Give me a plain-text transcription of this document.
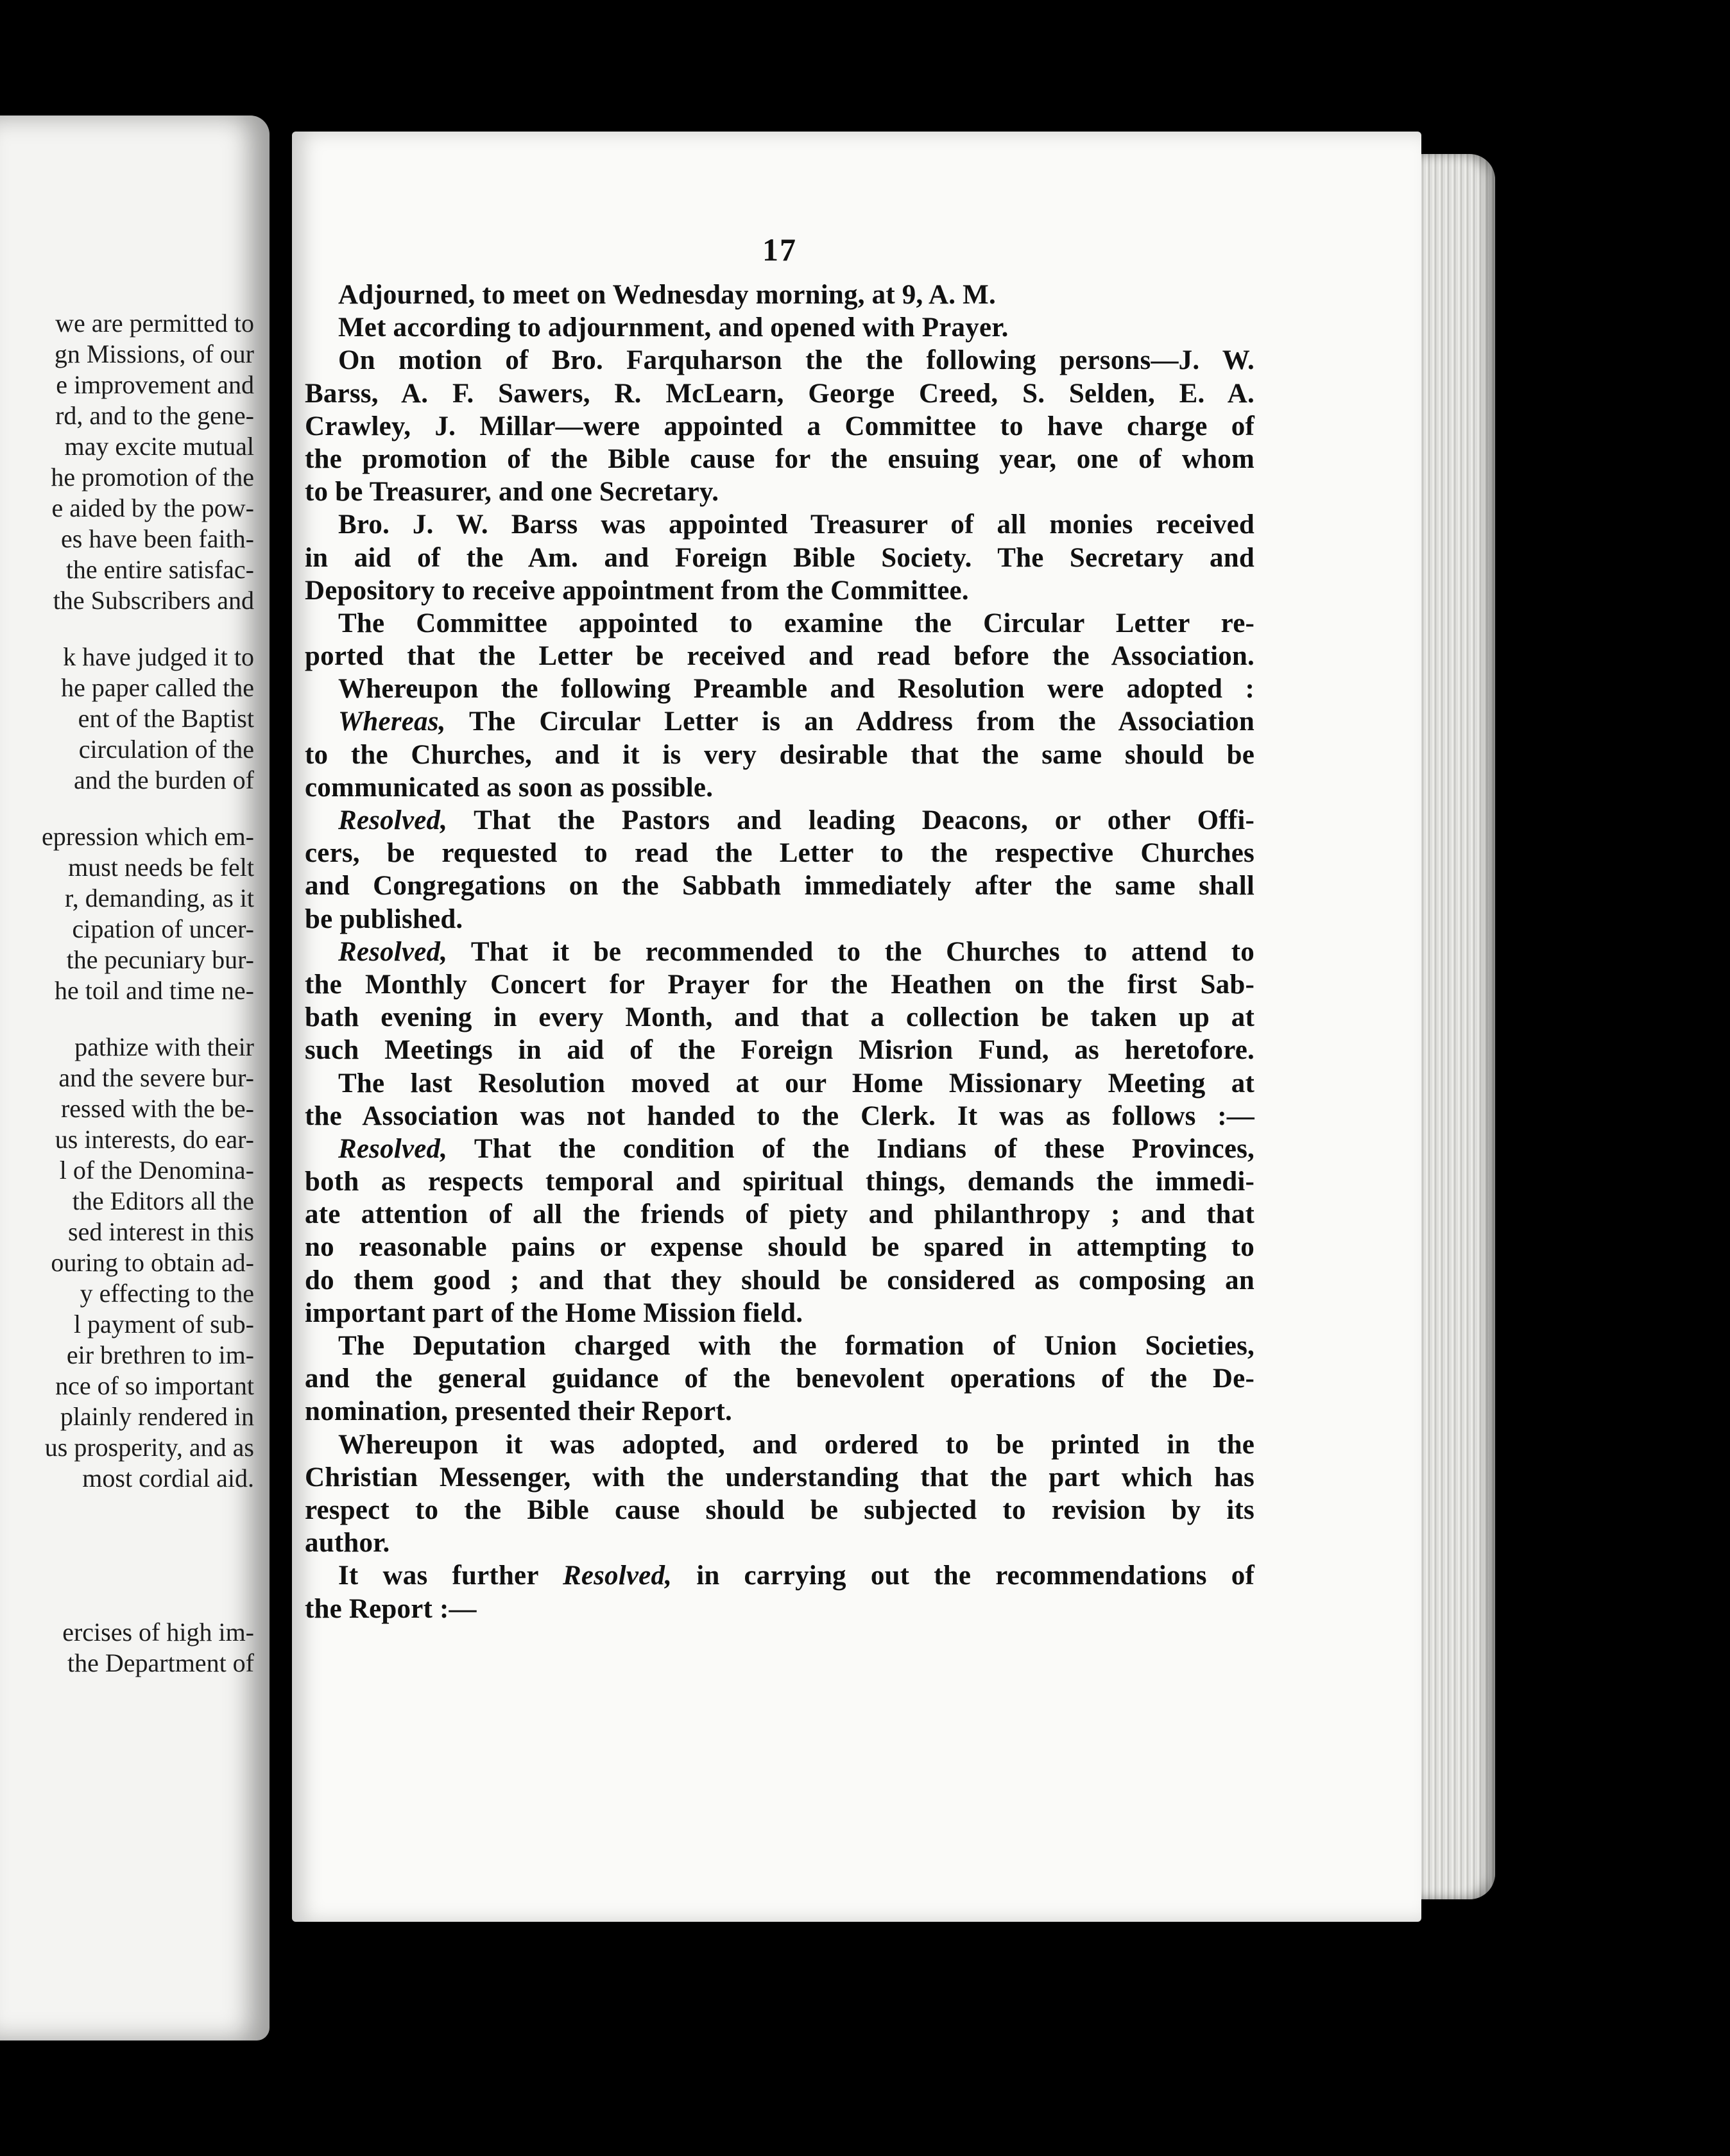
we are permitted to
gn Missions, of our
e improvement and
rd, and to the gene-
may excite mutual
he promotion of the
e aided by the pow-
es have been faith-
the entire satisfac-
the Subscribers and
k have judged it to
he paper called the
ent of the Baptist
circulation of the
and the burden of
epression which em-
must needs be felt
r, demanding, as it
cipation of uncer-
the pecuniary bur-
he toil and time ne-
pathize with their
and the severe bur-
ressed with the be-
us interests, do ear-
l of the Denomina-
the Editors all the
sed interest in this
ouring to obtain ad-
y effecting to the
l payment of sub-
eir brethren to im-
nce of so important
plainly rendered in
us prosperity, and as
most cordial aid.
ercises of high im-
the Department of
17
Adjourned, to meet on Wednesday morning, at 9, A. M.
Met according to adjournment, and opened with Prayer.
On motion of Bro. Farquharson the the following persons—J. W.
Barss, A. F. Sawers, R. McLearn, George Creed, S. Selden, E. A.
Crawley, J. Millar—were appointed a Committee to have charge of
the promotion of the Bible cause for the ensuing year, one of whom
to be Treasurer, and one Secretary.
Bro. J. W. Barss was appointed Treasurer of all monies received
in aid of the Am. and Foreign Bible Society. The Secretary and
Depository to receive appointment from the Committee.
The Committee appointed to examine the Circular Letter re-
ported that the Letter be received and read before the Association.
Whereupon the following Preamble and Resolution were adopted :
Whereas, The Circular Letter is an Address from the Association
to the Churches, and it is very desirable that the same should be
communicated as soon as possible.
Resolved, That the Pastors and leading Deacons, or other Offi-
cers, be requested to read the Letter to the respective Churches
and Congregations on the Sabbath immediately after the same shall
be published.
Resolved, That it be recommended to the Churches to attend to
the Monthly Concert for Prayer for the Heathen on the first Sab-
bath evening in every Month, and that a collection be taken up at
such Meetings in aid of the Foreign Misrion Fund, as heretofore.
The last Resolution moved at our Home Missionary Meeting at
the Association was not handed to the Clerk. It was as follows :—
Resolved, That the condition of the Indians of these Provinces,
both as respects temporal and spiritual things, demands the immedi-
ate attention of all the friends of piety and philanthropy ; and that
no reasonable pains or expense should be spared in attempting to
do them good ; and that they should be considered as composing an
important part of the Home Mission field.
The Deputation charged with the formation of Union Societies,
and the general guidance of the benevolent operations of the De-
nomination, presented their Report.
Whereupon it was adopted, and ordered to be printed in the
Christian Messenger, with the understanding that the part which has
respect to the Bible cause should be subjected to revision by its
author.
It was further Resolved, in carrying out the recommendations of
the Report :—
